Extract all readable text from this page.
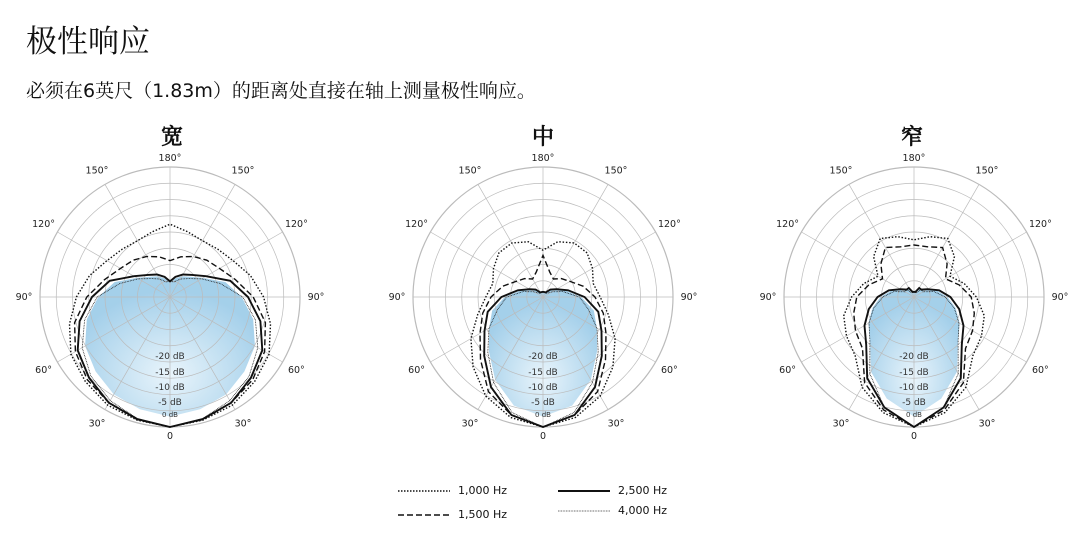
极性响应

必须在6英尺（1.83m）的距离处直接在轴上测量极性响应。

宽	中	窄
180°
150°	150°
120°	120°
90°	90°
60°	60°
30°	30°
0
-20 dB
-15 dB
-10 dB
-5 dB
0 dB
180°
150°	150°
120°	120°
90°	90°
60°	60°
30°	30°
0
-20 dB
-15 dB
-10 dB
-5 dB
0 dB
180°
150°	150°
120°	120°
90°	90°
60°	60°
30°	30°
0
-20 dB
-15 dB
-10 dB
-5 dB
0 dB
1,000 Hz	2,500 Hz
1,500 Hz	4,000 Hz
